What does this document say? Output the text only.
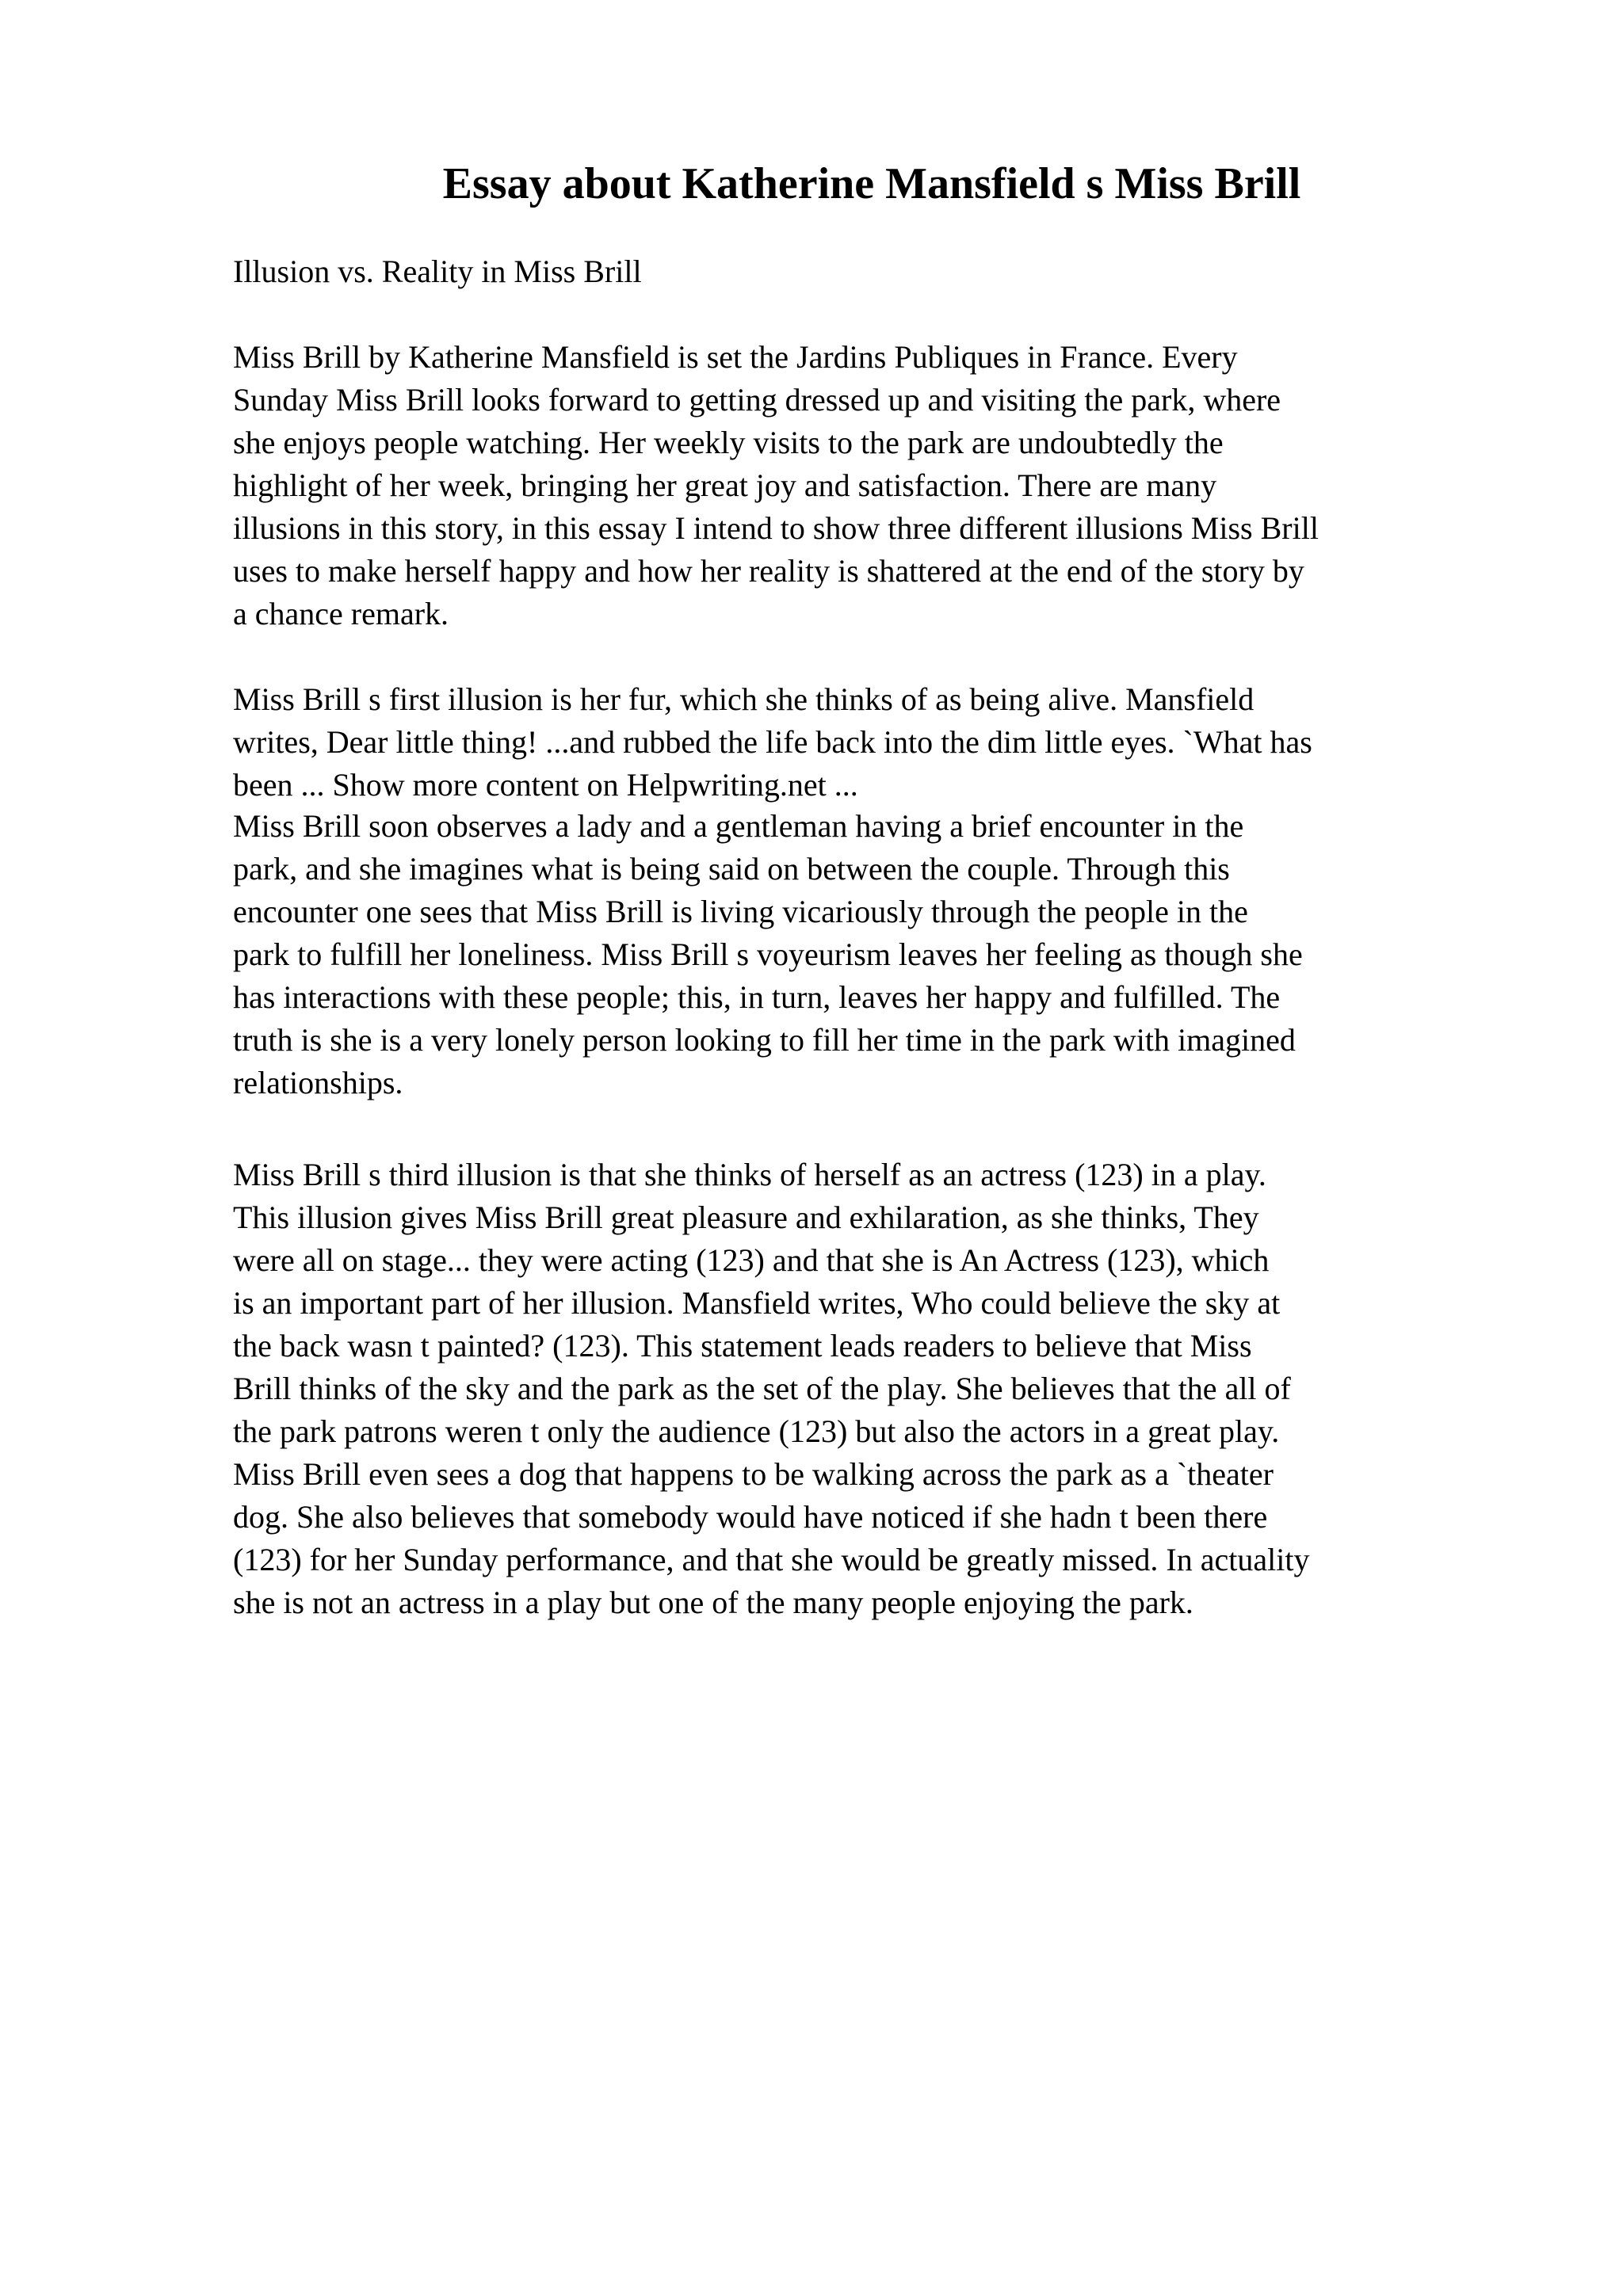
Essay about Katherine Mansfield s Miss Brill

Illusion vs. Reality in Miss Brill

Miss Brill by Katherine Mansfield is set the Jardins Publiques in France. Every
Sunday Miss Brill looks forward to getting dressed up and visiting the park, where
she enjoys people watching. Her weekly visits to the park are undoubtedly the
highlight of her week, bringing her great joy and satisfaction. There are many
illusions in this story, in this essay I intend to show three different illusions Miss Brill
uses to make herself happy and how her reality is shattered at the end of the story by
a chance remark.
Miss Brill s first illusion is her fur, which she thinks of as being alive. Mansfield
writes, Dear little thing! ...and rubbed the life back into the dim little eyes. `What has
been ... Show more content on Helpwriting.net ...
Miss Brill soon observes a lady and a gentleman having a brief encounter in the
park, and she imagines what is being said on between the couple. Through this
encounter one sees that Miss Brill is living vicariously through the people in the
park to fulfill her loneliness. Miss Brill s voyeurism leaves her feeling as though she
has interactions with these people; this, in turn, leaves her happy and fulfilled. The
truth is she is a very lonely person looking to fill her time in the park with imagined
relationships.
Miss Brill s third illusion is that she thinks of herself as an actress (123) in a play.
This illusion gives Miss Brill great pleasure and exhilaration, as she thinks, They
were all on stage... they were acting (123) and that she is An Actress (123), which
is an important part of her illusion. Mansfield writes, Who could believe the sky at
the back wasn t painted? (123). This statement leads readers to believe that Miss
Brill thinks of the sky and the park as the set of the play. She believes that the all of
the park patrons weren t only the audience (123) but also the actors in a great play.
Miss Brill even sees a dog that happens to be walking across the park as a `theater
dog. She also believes that somebody would have noticed if she hadn t been there
(123) for her Sunday performance, and that she would be greatly missed. In actuality
she is not an actress in a play but one of the many people enjoying the park.
